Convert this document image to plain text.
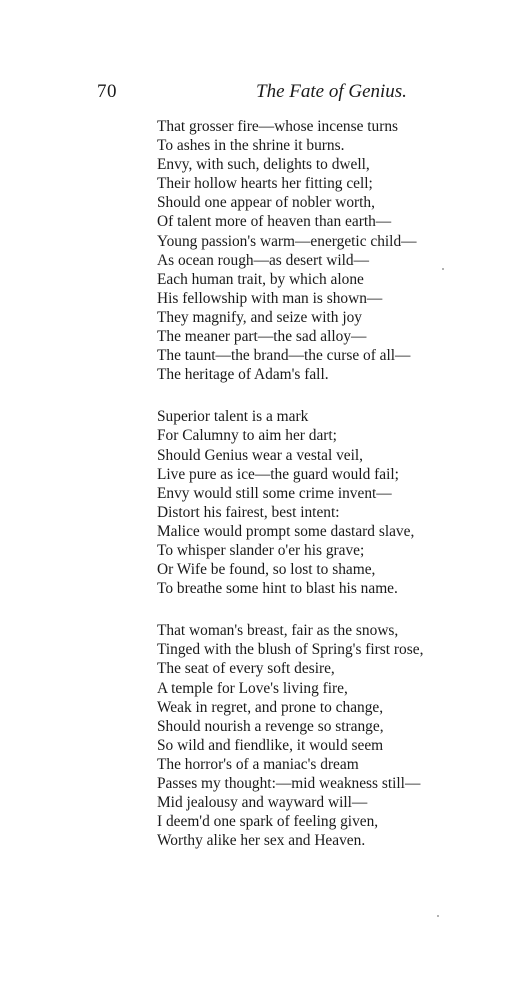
70	The Fate of Genius.
That grosser fire—whose incense turns
To ashes in the shrine it burns.
Envy, with such, delights to dwell,
Their hollow hearts her fitting cell;
Should one appear of nobler worth,
Of talent more of heaven than earth—
Young passion's warm—energetic child—
As ocean rough—as desert wild—
Each human trait, by which alone
His fellowship with man is shown—
They magnify, and seize with joy
The meaner part—the sad alloy—
The taunt—the brand—the curse of all—
The heritage of Adam's fall.
Superior talent is a mark
For Calumny to aim her dart;
Should Genius wear a vestal veil,
Live pure as ice—the guard would fail;
Envy would still some crime invent—
Distort his fairest, best intent:
Malice would prompt some dastard slave,
To whisper slander o'er his grave;
Or Wife be found, so lost to shame,
To breathe some hint to blast his name.
That woman's breast, fair as the snows,
Tinged with the blush of Spring's first rose,
The seat of every soft desire,
A temple for Love's living fire,
Weak in regret, and prone to change,
Should nourish a revenge so strange,
So wild and fiendlike, it would seem
The horror's of a maniac's dream
Passes my thought:—mid weakness still—
Mid jealousy and wayward will—
I deem'd one spark of feeling given,
Worthy alike her sex and Heaven.
